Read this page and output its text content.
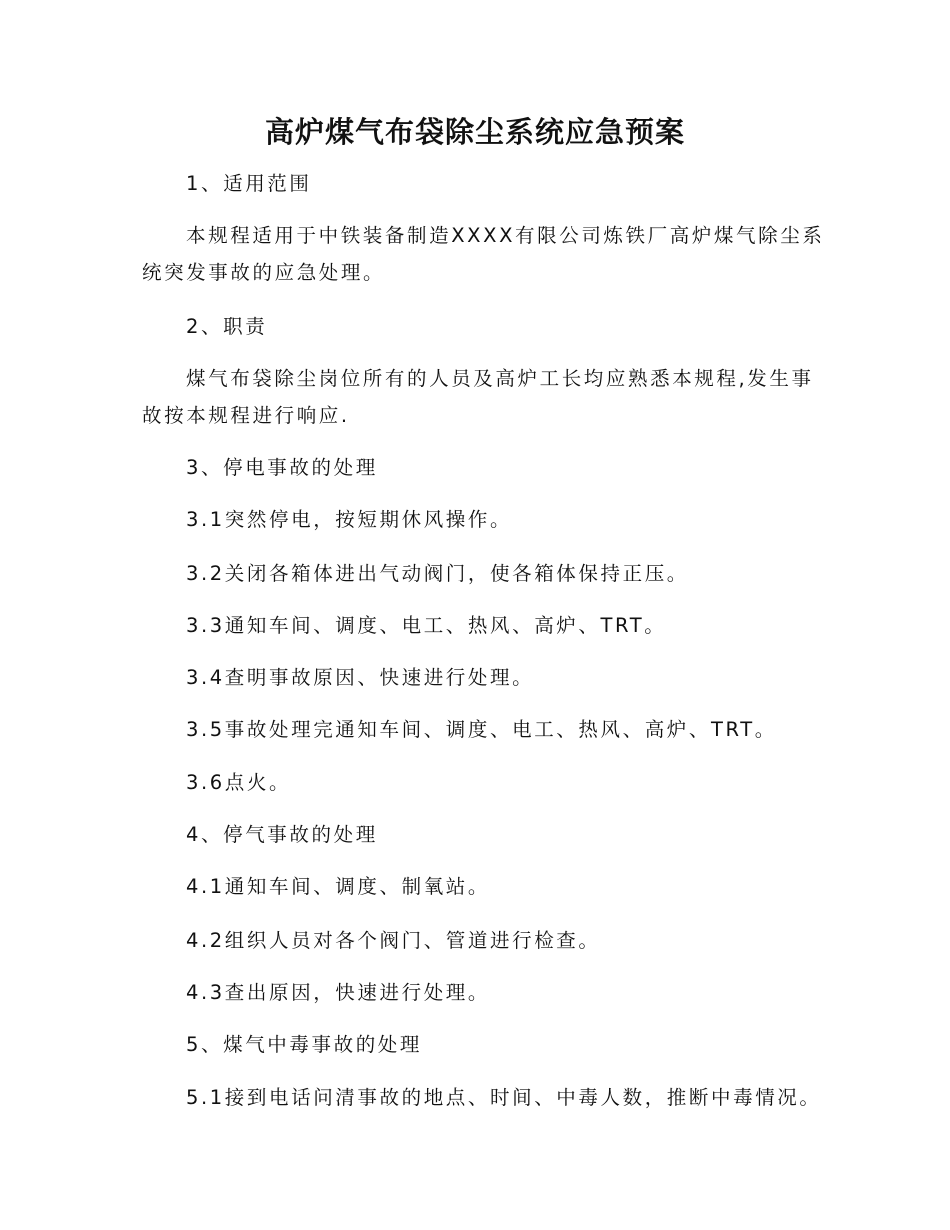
高炉煤气布袋除尘系统应急预案

1、适用范围

本规程适用于中铁装备制造XXXX有限公司炼铁厂高炉煤气除尘系

统突发事故的应急处理。

2、职责

煤气布袋除尘岗位所有的人员及高炉工长均应熟悉本规程,发生事

故按本规程进行响应.

3、停电事故的处理

3.1突然停电，按短期休风操作。

3.2关闭各箱体进出气动阀门，使各箱体保持正压。

3.3通知车间、调度、电工、热风、高炉、TRT。

3.4查明事故原因、快速进行处理。

3.5事故处理完通知车间、调度、电工、热风、高炉、TRT。

3.6点火。

4、停气事故的处理

4.1通知车间、调度、制氧站。

4.2组织人员对各个阀门、管道进行检查。

4.3查出原因，快速进行处理。

5、煤气中毒事故的处理

5.1接到电话问清事故的地点、时间、中毒人数，推断中毒情况。
